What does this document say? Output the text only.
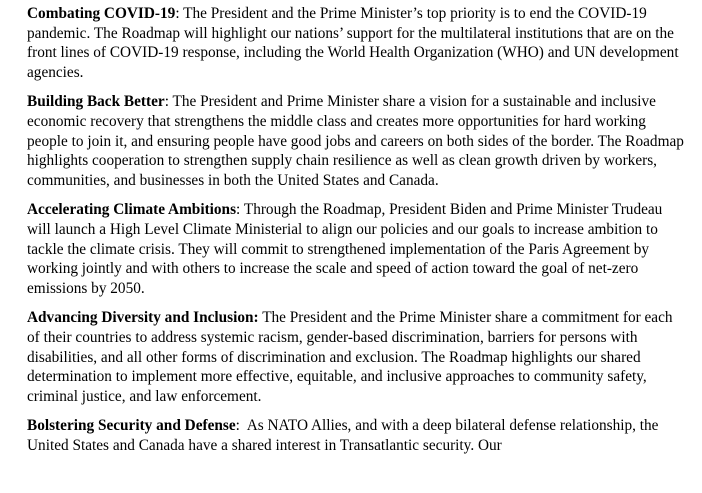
Combating COVID-19: The President and the Prime Minister’s top priority is to end the COVID-19 pandemic. The Roadmap will highlight our nations’ support for the multilateral institutions that are on the front lines of COVID-19 response, including the World Health Organization (WHO) and UN development agencies.

Building Back Better: The President and Prime Minister share a vision for a sustainable and inclusive economic recovery that strengthens the middle class and creates more opportunities for hard working people to join it, and ensuring people have good jobs and careers on both sides of the border. The Roadmap highlights cooperation to strengthen supply chain resilience as well as clean growth driven by workers, communities, and businesses in both the United States and Canada.

Accelerating Climate Ambitions: Through the Roadmap, President Biden and Prime Minister Trudeau will launch a High Level Climate Ministerial to align our policies and our goals to increase ambition to tackle the climate crisis. They will commit to strengthened implementation of the Paris Agreement by working jointly and with others to increase the scale and speed of action toward the goal of net-zero emissions by 2050.

Advancing Diversity and Inclusion: The President and the Prime Minister share a commitment for each of their countries to address systemic racism, gender-based discrimination, barriers for persons with disabilities, and all other forms of discrimination and exclusion. The Roadmap highlights our shared determination to implement more effective, equitable, and inclusive approaches to community safety, criminal justice, and law enforcement.

Bolstering Security and Defense:  As NATO Allies, and with a deep bilateral defense relationship, the United States and Canada have a shared interest in Transatlantic security. Our
